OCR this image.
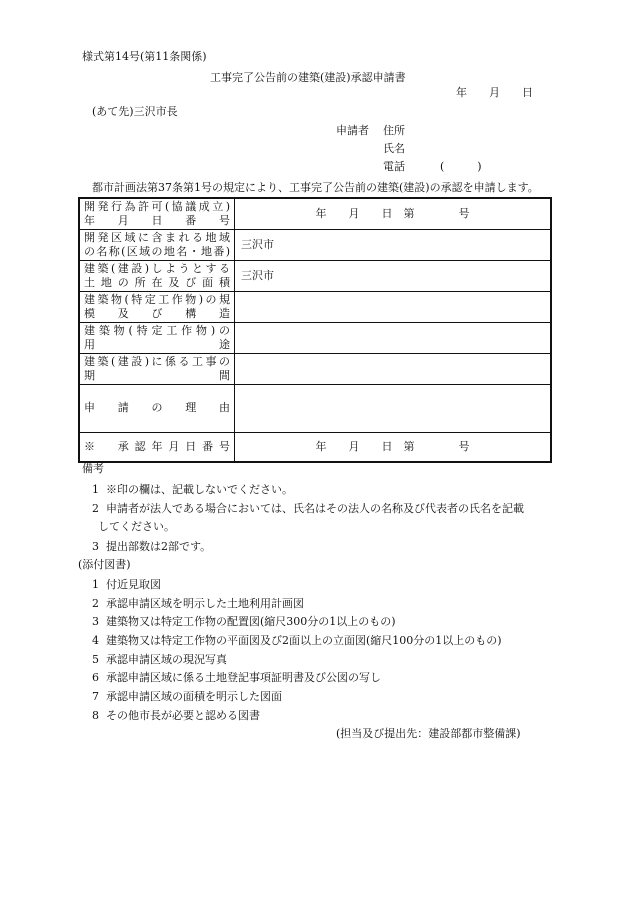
様式第14号(第11条関係)
工事完了公告前の建築(建設)承認申請書
年　　月　　日
(あて先)三沢市長
申請者 住所
氏名
電話	(　　　)
都市計画法第37条第1号の規定により、工事完了公告前の建築(建設)の承認を申請します。
開発行為許可(協議成立)
年　月　日　番　号	年　　月　　日　第　　　　号

開発区域に含まれる地域
の名称(区域の地名・地番)	三沢市

建築(建設)しようとする
土地の所在及び面積	三沢市

建築物(特定工作物)の規
模　及　び　構　造	

建築物(特定工作物)の
用　　　　途	

建築(建設)に係る工事の
期　　　　間	

申　請　の　理　由	

※　承認年月日番号	年　　月　　日　第　　　　号
備考
1 ※印の欄は、記載しないでください。
2 申請者が法人である場合においては、氏名はその法人の名称及び代表者の氏名を記載
してください。
3 提出部数は2部です。
(添付図書)
1 付近見取図
2 承認申請区域を明示した土地利用計画図
3 建築物又は特定工作物の配置図(縮尺300分の1以上のもの)
4 建築物又は特定工作物の平面図及び2面以上の立面図(縮尺100分の1以上のもの)
5 承認申請区域の現況写真
6 承認申請区域に係る土地登記事項証明書及び公図の写し
7 承認申請区域の面積を明示した図面
8 その他市長が必要と認める図書
(担当及び提出先：建設部都市整備課)
